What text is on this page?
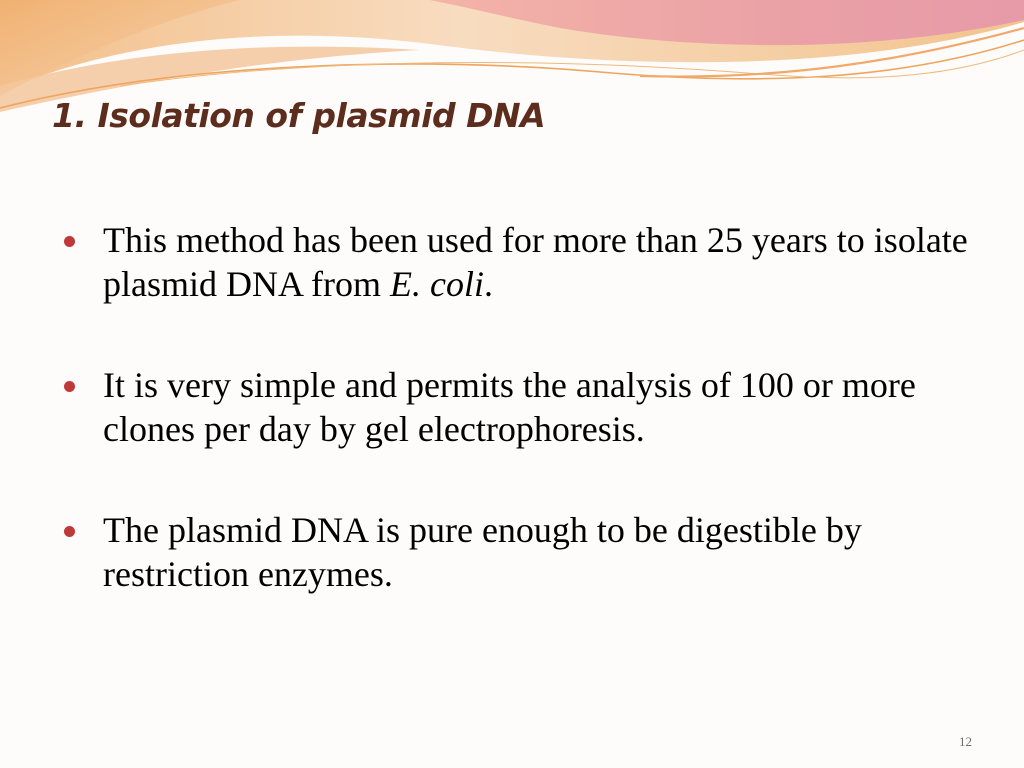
1. Isolation of plasmid DNA
This method has been used for more than 25 years to isolate plasmid DNA from E. coli.
It is very simple and permits the analysis of 100 or more clones per day by gel electrophoresis.
The plasmid DNA is pure enough to be digestible by restriction enzymes.
12
